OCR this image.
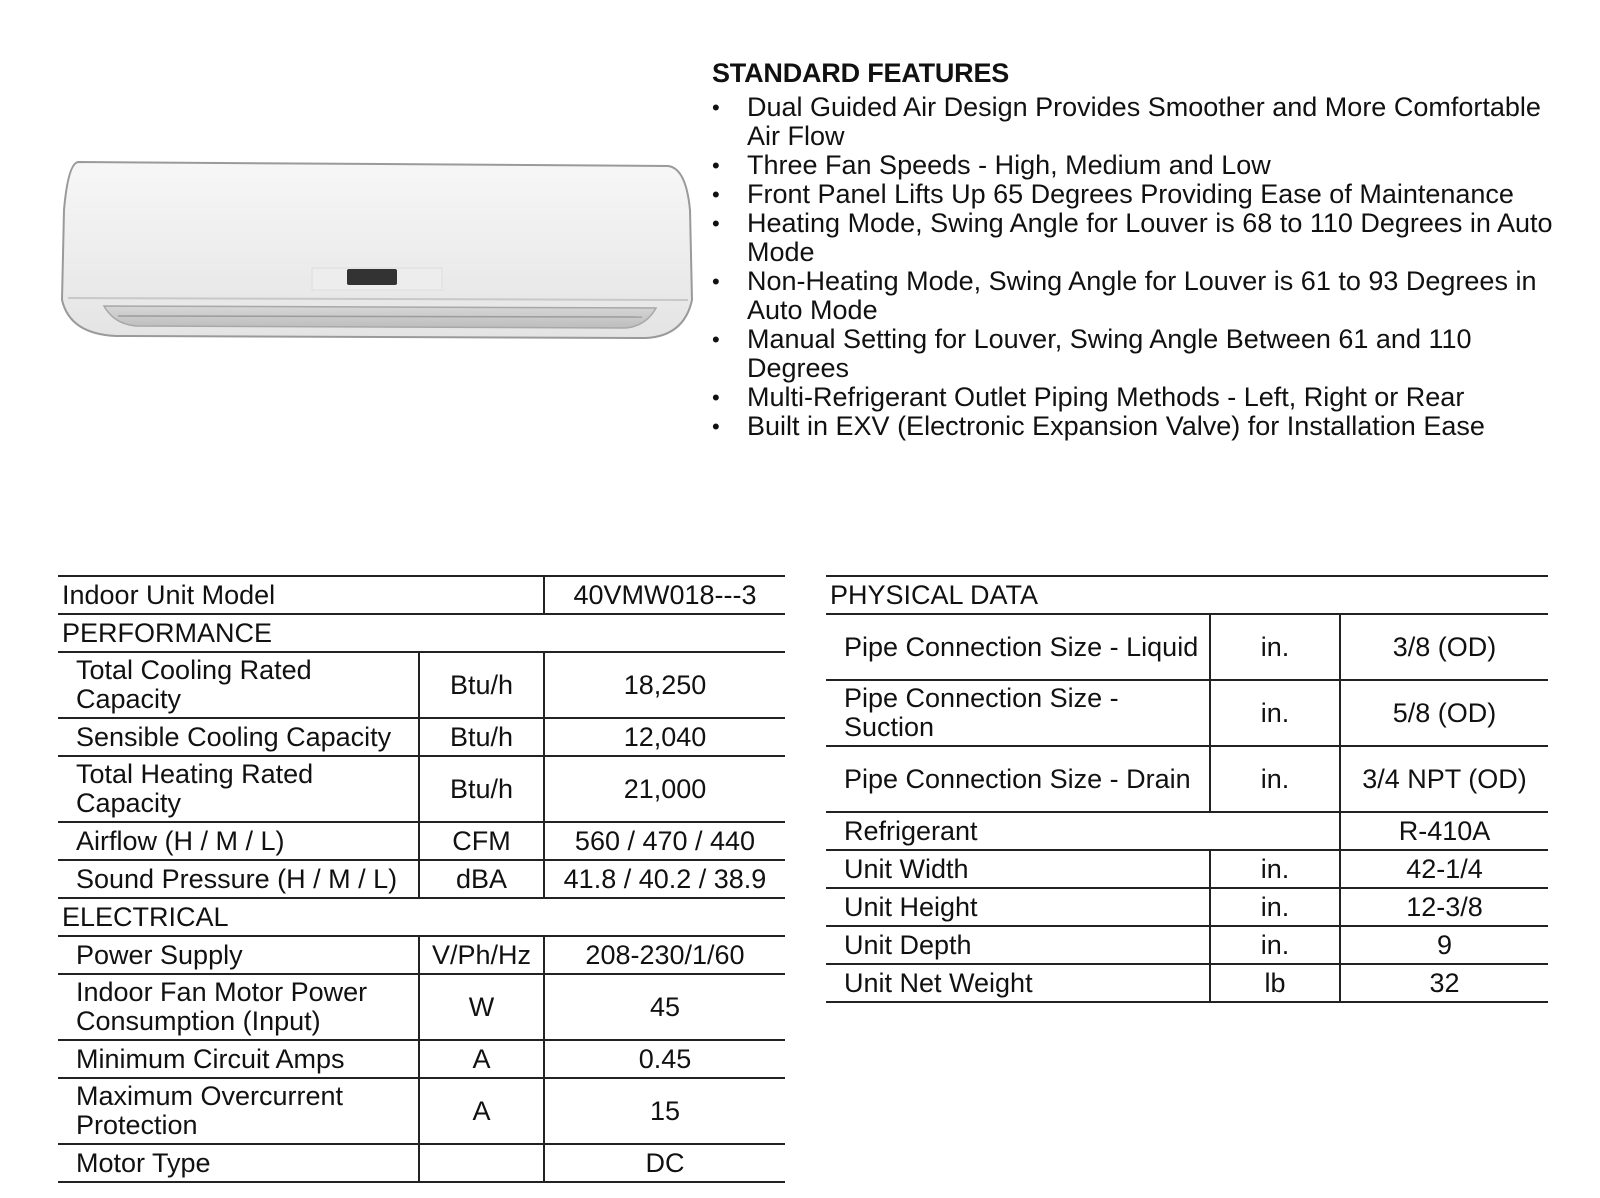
STANDARD FEATURES
• Dual Guided Air Design Provides Smoother and More Comfortable Air Flow
• Three Fan Speeds - High, Medium and Low
• Front Panel Lifts Up 65 Degrees Providing Ease of Maintenance
• Heating Mode, Swing Angle for Louver is 68 to 110 Degrees in Auto Mode
• Non-Heating Mode, Swing Angle for Louver is 61 to 93 Degrees in Auto Mode
• Manual Setting for Louver, Swing Angle Between 61 and 110 Degrees
• Multi-Refrigerant Outlet Piping Methods - Left, Right or Rear
• Built in EXV (Electronic Expansion Valve) for Installation Ease
Indoor Unit Model		40VMW018---3
PERFORMANCE		
Total Cooling Rated Capacity	Btu/h	18,250
Sensible Cooling Capacity	Btu/h	12,040
Total Heating Rated Capacity	Btu/h	21,000
Airflow (H / M / L)	CFM	560 / 470 / 440
Sound Pressure (H / M / L)	dBA	41.8 / 40.2 / 38.9
ELECTRICAL		
Power Supply	V/Ph/Hz	208-230/1/60
Indoor Fan Motor Power Consumption (Input)	W	45
Minimum Circuit Amps	A	0.45
Maximum Overcurrent Protection	A	15
Motor Type		DC
PHYSICAL DATA		
Pipe Connection Size - Liquid	in.	3/8 (OD)
Pipe Connection Size - Suction	in.	5/8 (OD)
Pipe Connection Size - Drain	in.	3/4 NPT (OD)
Refrigerant		R-410A
Unit Width	in.	42-1/4
Unit Height	in.	12-3/8
Unit Depth	in.	9
Unit Net Weight	lb	32
